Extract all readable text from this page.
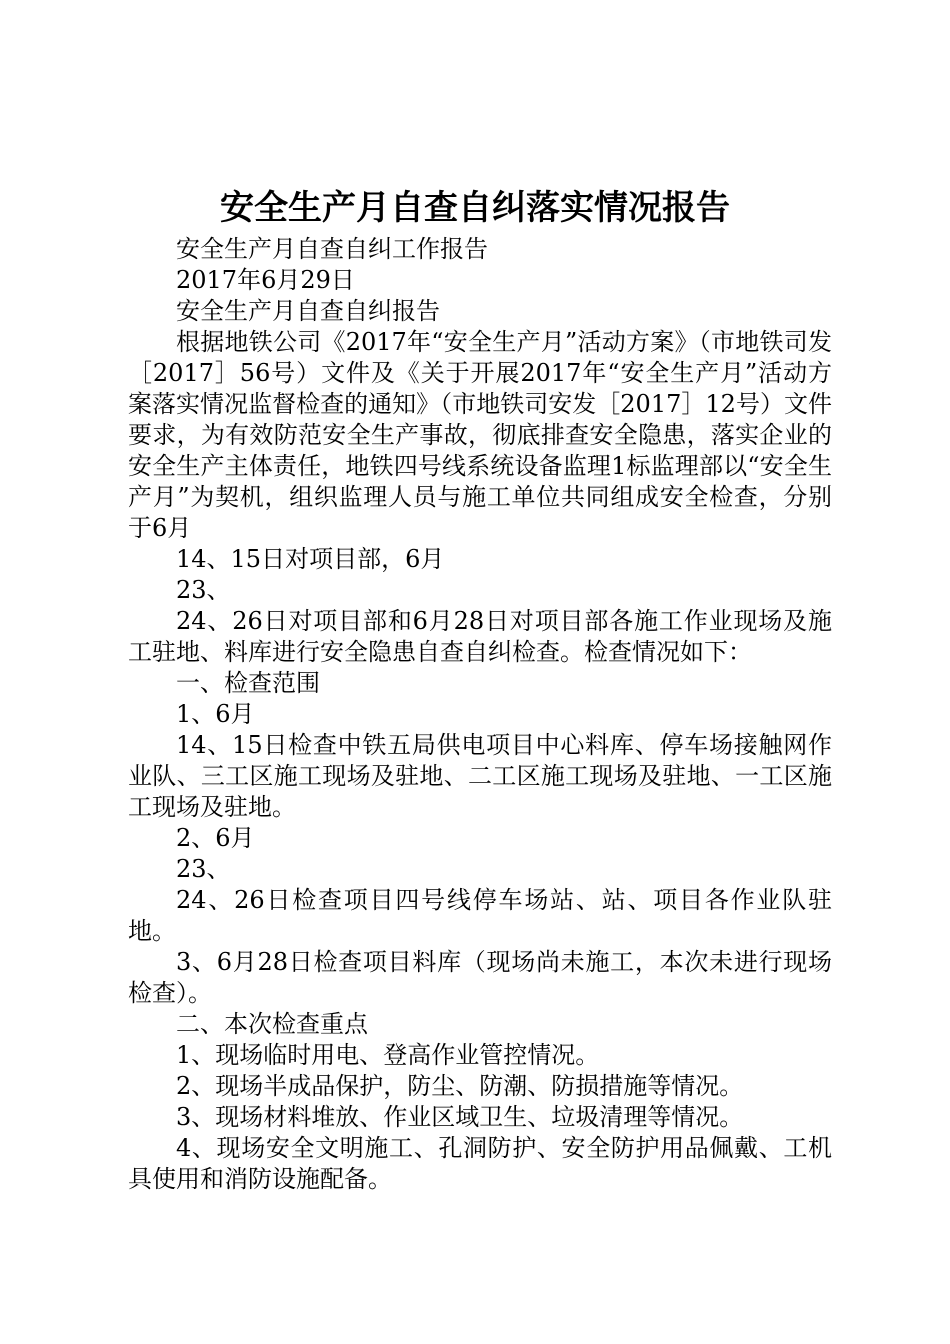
安全生产月自查自纠落实情况报告

安全生产月自查自纠工作报告

2017年6月29日

安全生产月自查自纠报告

根据地铁公司《2017年“安全生产月”活动方案》（市地铁司发［2017］56号）文件及《关于开展2017年“安全生产月”活动方案落实情况监督检查的通知》（市地铁司安发［2017］12号）文件要求，为有效防范安全生产事故，彻底排查安全隐患，落实企业的安全生产主体责任，地铁四号线系统设备监理1标监理部以“安全生产月”为契机，组织监理人员与施工单位共同组成安全检查，分别于6月

14、15日对项目部，6月

23、

24、26日对项目部和6月28日对项目部各施工作业现场及施工驻地、料库进行安全隐患自查自纠检查。检查情况如下：

一、检查范围

1、6月

14、15日检查中铁五局供电项目中心料库、停车场接触网作业队、三工区施工现场及驻地、二工区施工现场及驻地、一工区施工现场及驻地。

2、6月

23、

24、26日检查项目四号线停车场站、站、项目各作业队驻地。

3、6月28日检查项目料库（现场尚未施工，本次未进行现场检查）。

二、本次检查重点

1、现场临时用电、登高作业管控情况。

2、现场半成品保护，防尘、防潮、防损措施等情况。

3、现场材料堆放、作业区域卫生、垃圾清理等情况。

4、现场安全文明施工、孔洞防护、安全防护用品佩戴、工机具使用和消防设施配备。
